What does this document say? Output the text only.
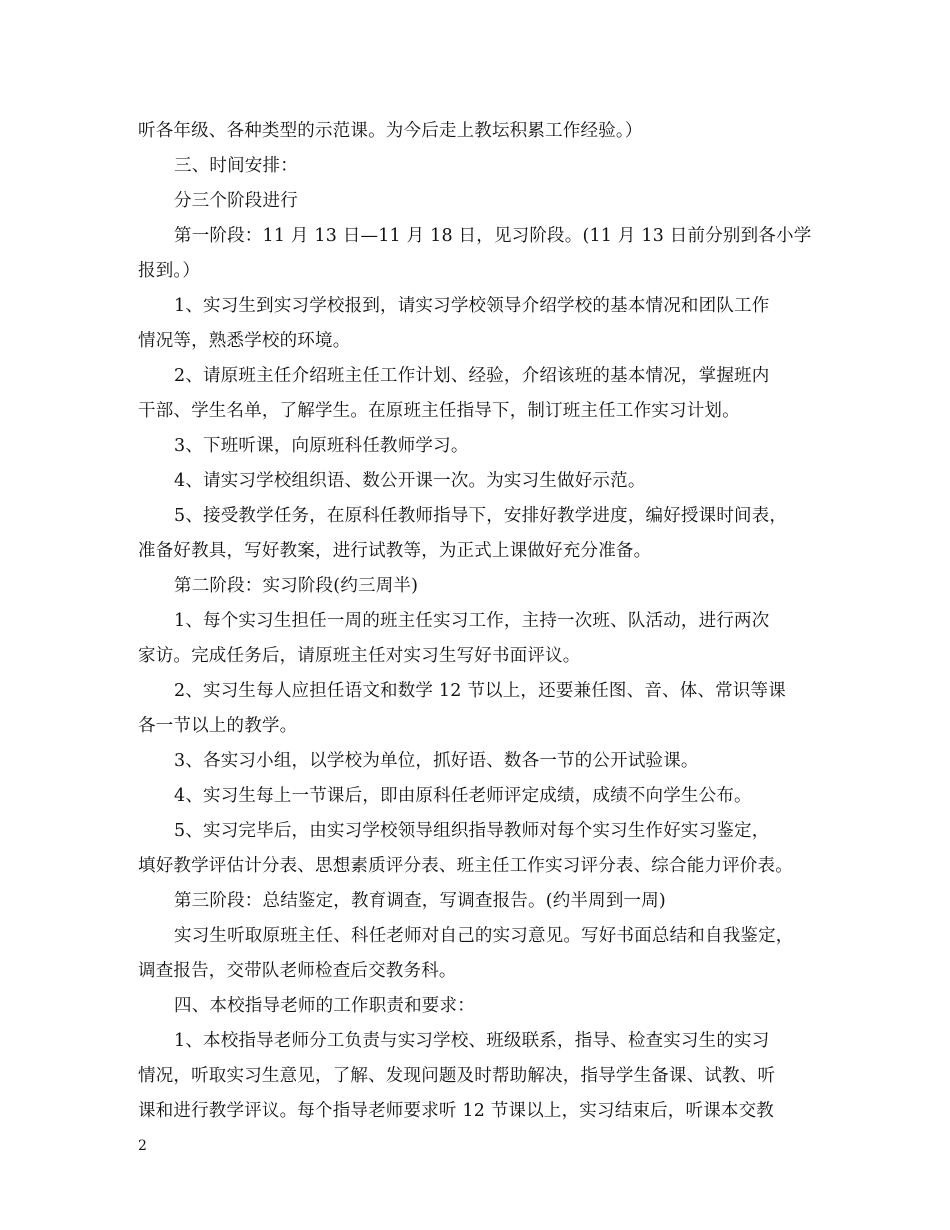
听各年级、各种类型的示范课。为今后走上教坛积累工作经验。）
三、时间安排：
分三个阶段进行
第一阶段：11 月 13 日—11 月 18 日，见习阶段。(11 月 13 日前分别到各小学
报到。）
1、实习生到实习学校报到，请实习学校领导介绍学校的基本情况和团队工作
情况等，熟悉学校的环境。
2、请原班主任介绍班主任工作计划、经验，介绍该班的基本情况，掌握班内
干部、学生名单，了解学生。在原班主任指导下，制订班主任工作实习计划。
3、下班听课，向原班科任教师学习。
4、请实习学校组织语、数公开课一次。为实习生做好示范。
5、接受教学任务，在原科任教师指导下，安排好教学进度，编好授课时间表，
准备好教具，写好教案，进行试教等，为正式上课做好充分准备。
第二阶段：实习阶段(约三周半)
1、每个实习生担任一周的班主任实习工作，主持一次班、队活动，进行两次
家访。完成任务后，请原班主任对实习生写好书面评议。
2、实习生每人应担任语文和数学 12 节以上，还要兼任图、音、体、常识等课
各一节以上的教学。
3、各实习小组，以学校为单位，抓好语、数各一节的公开试验课。
4、实习生每上一节课后，即由原科任老师评定成绩，成绩不向学生公布。
5、实习完毕后，由实习学校领导组织指导教师对每个实习生作好实习鉴定，
填好教学评估计分表、思想素质评分表、班主任工作实习评分表、综合能力评价表。
第三阶段：总结鉴定，教育调查，写调查报告。(约半周到一周)
实习生听取原班主任、科任老师对自己的实习意见。写好书面总结和自我鉴定，
调查报告，交带队老师检查后交教务科。
四、本校指导老师的工作职责和要求：
1、本校指导老师分工负责与实习学校、班级联系，指导、检查实习生的实习
情况，听取实习生意见，了解、发现问题及时帮助解决，指导学生备课、试教、听
课和进行教学评议。每个指导老师要求听 12 节课以上，实习结束后，听课本交教
2
